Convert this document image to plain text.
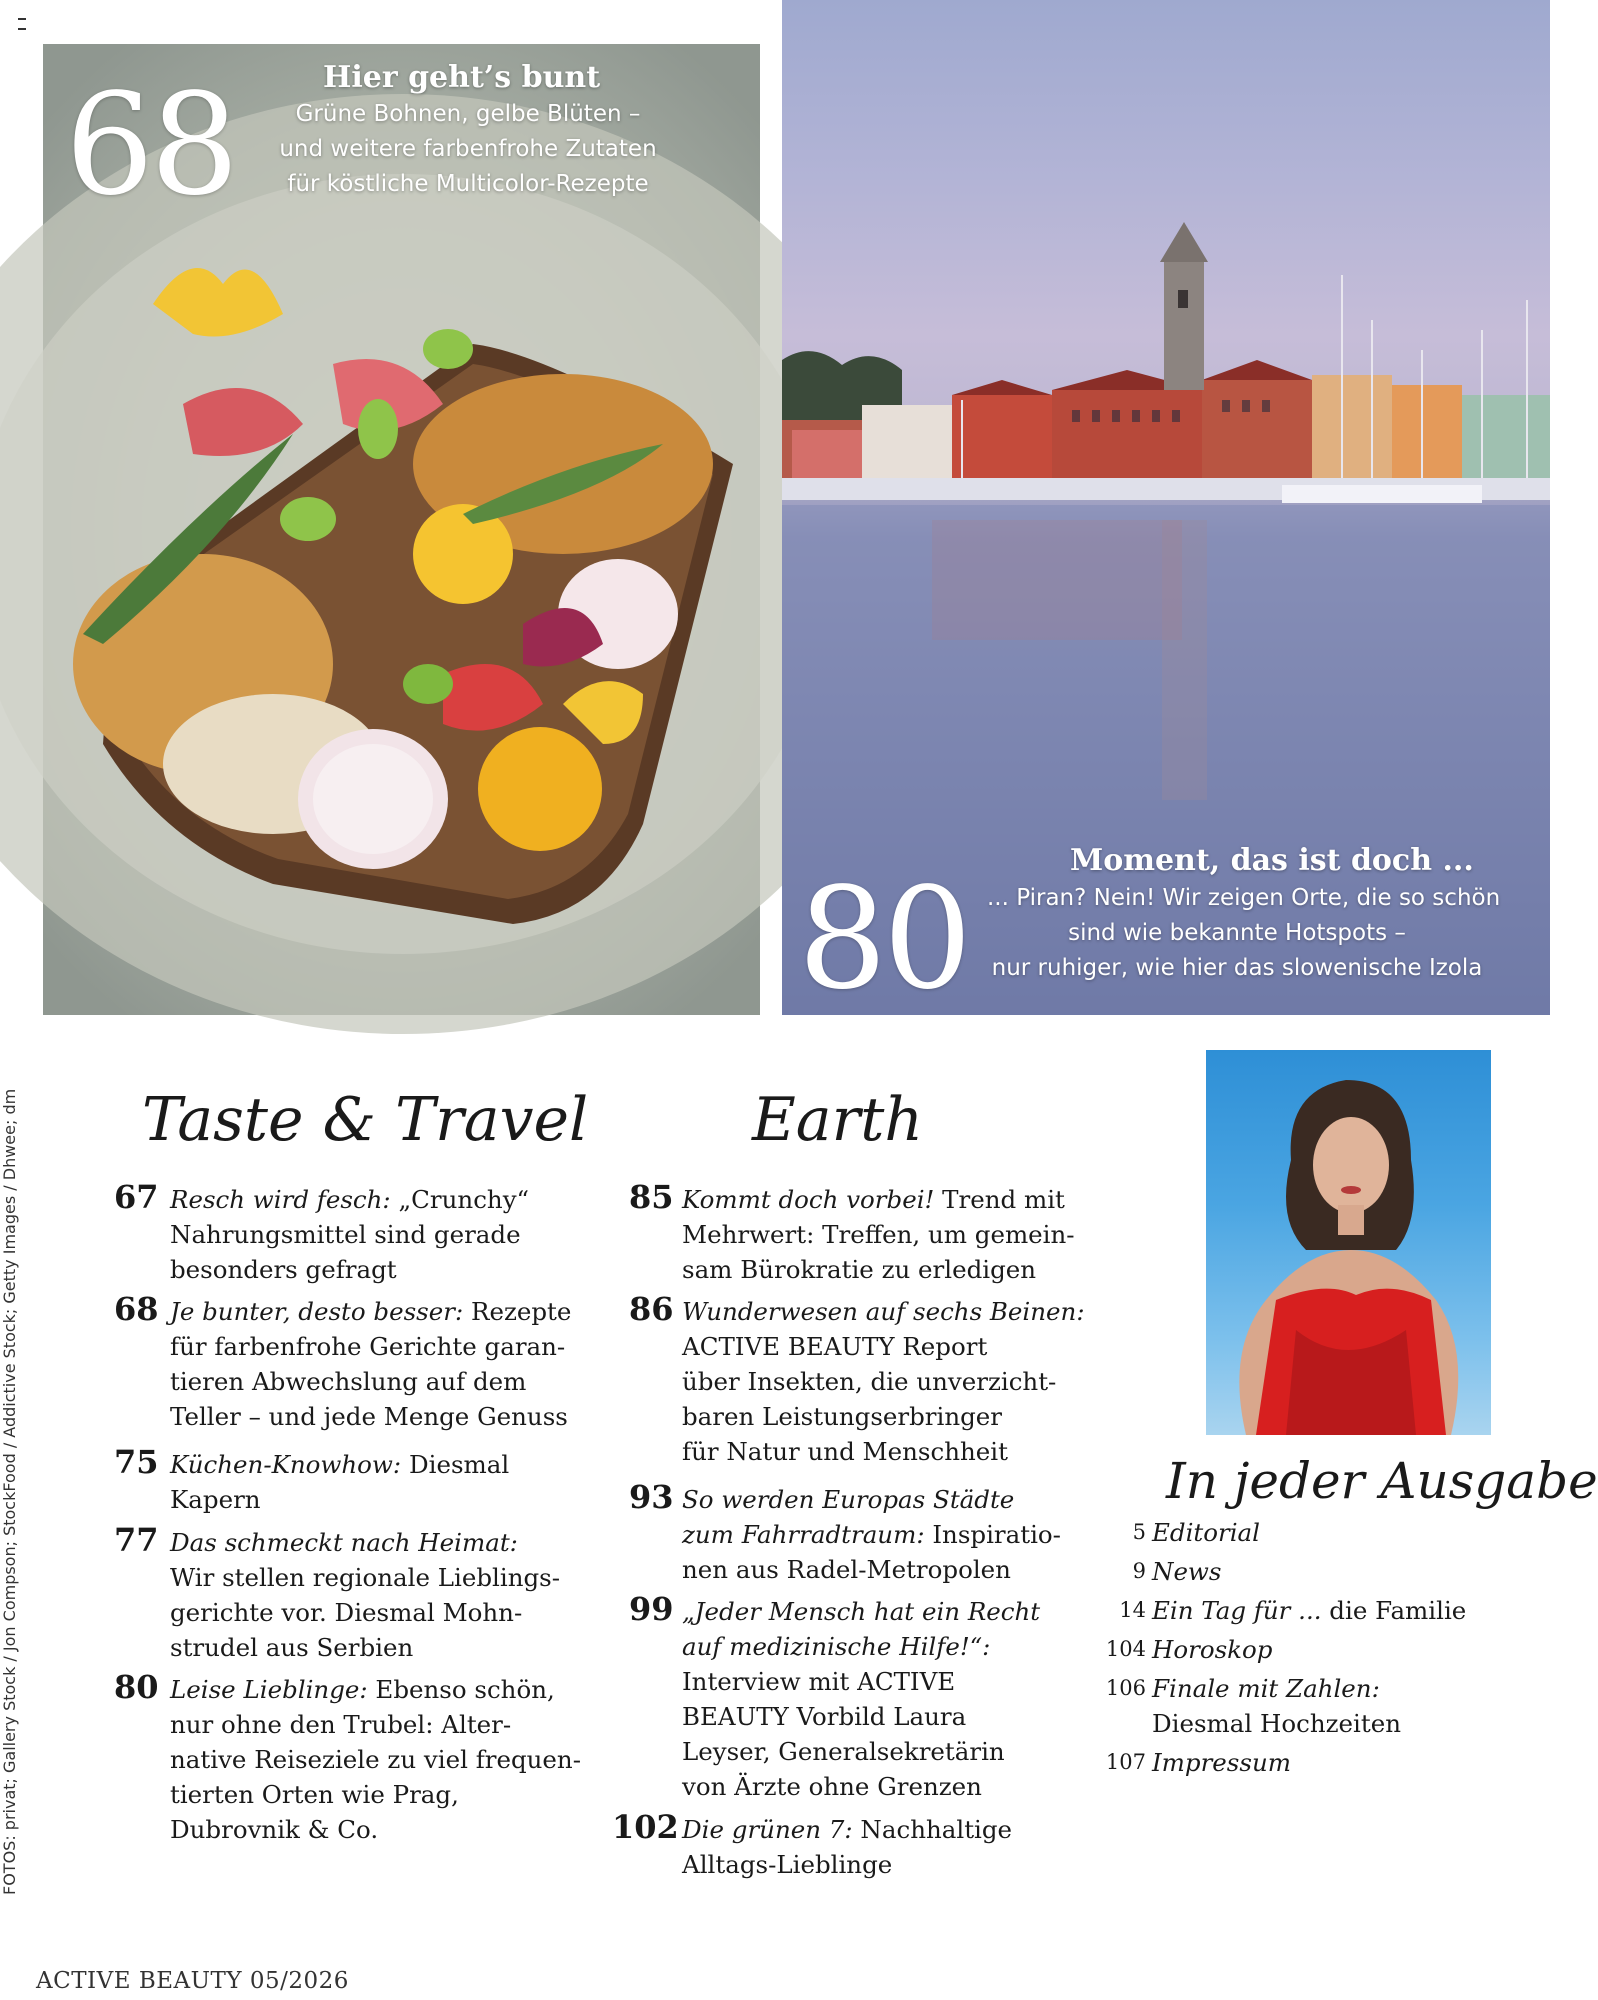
68	Hier geht’s bunt
Grüne Bohnen, gelbe Blüten –
und weitere farbenfrohe Zutaten
für köstliche Multicolor-Rezepte
80	Moment, das ist doch ...
... Piran? Nein! Wir zeigen Orte, die so schön
sind wie bekannte Hotspots –
nur ruhiger, wie hier das slowenische Izola
FOTOS: privat; Gallery Stock / Jon Compson; StockFood / Addictive Stock; Getty Images / Dhwee; dm Taste & Travel
67 Resch wird fesch: „Crunchy“
Nahrungsmittel sind gerade
besonders gefragt
68 Je bunter, desto besser: Rezepte
für farbenfrohe Gerichte garan-
tieren Abwechslung auf dem
Teller – und jede Menge Genuss
75 Küchen-Knowhow: Diesmal
Kapern
77 Das schmeckt nach Heimat:
Wir stellen regionale Lieblings-
gerichte vor. Diesmal Mohn-
strudel aus Serbien
80 Leise Lieblinge: Ebenso schön,
nur ohne den Trubel: Alter-
native Reiseziele zu viel frequen-
tierten Orten wie Prag,
Dubrovnik & Co.
Earth
85 Kommt doch vorbei! Trend mit
Mehrwert: Treffen, um gemein-
sam Bürokratie zu erledigen
86 Wunderwesen auf sechs Beinen:
ACTIVE BEAUTY Report
über Insekten, die unverzicht-
baren Leistungserbringer
für Natur und Menschheit
93 So werden Europas Städte
zum Fahrradtraum: Inspiratio-
nen aus Radel-Metropolen
99 „Jeder Mensch hat ein Recht
auf medizinische Hilfe!“:
Interview mit ACTIVE
BEAUTY Vorbild Laura
Leyser, Generalsekretärin
von Ärzte ohne Grenzen
102 Die grünen 7: Nachhaltige
Alltags-Lieblinge
In jeder Ausgabe
5 Editorial
9 News
14 Ein Tag für ... die Familie
104 Horoskop
106 Finale mit Zahlen:
Diesmal Hochzeiten
107 Impressum
ACTIVE BEAUTY 05/2026
